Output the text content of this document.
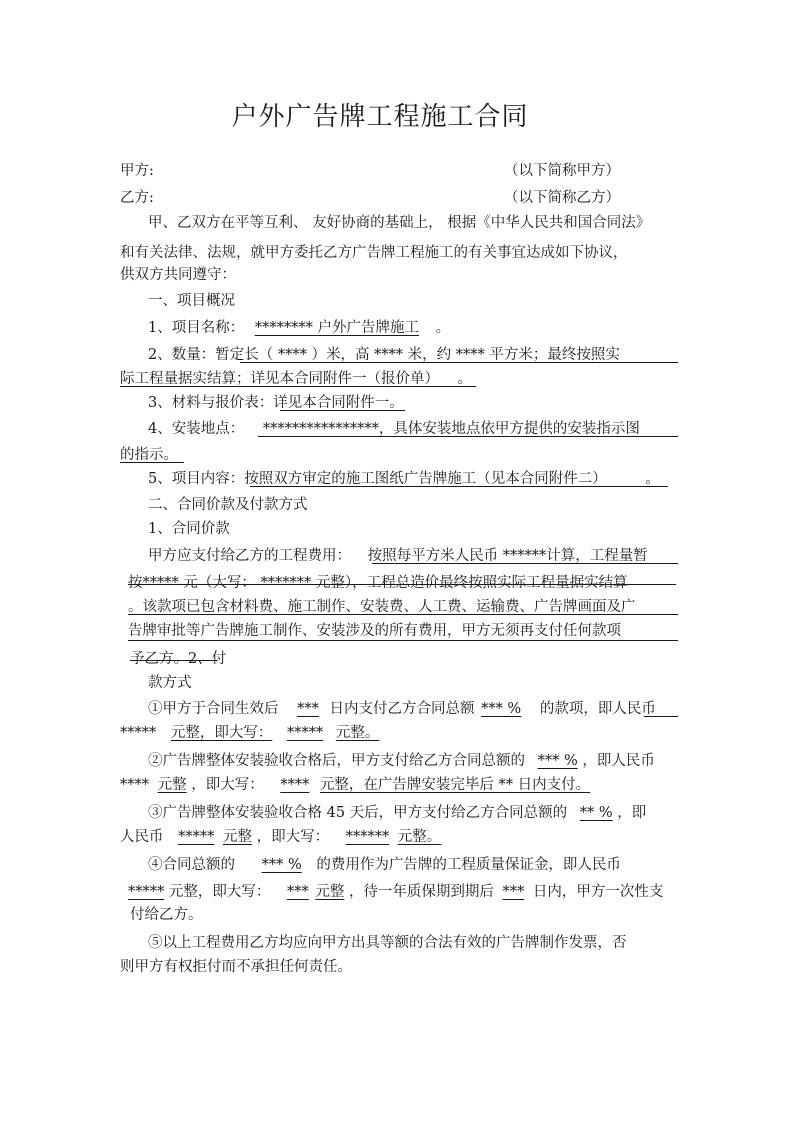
户外广告牌工程施工合同
甲方:	（以下简称甲方）
乙方:	（以下简称乙方）
甲、乙双方在平等互利、 友好协商的基础上， 根据《中华人民共和国合同法》
和有关法律、法规，就甲方委托乙方广告牌工程施工的有关事宜达成如下协议，
供双方共同遵守：
一、项目概况
1、项目名称： ******** 户外广告牌施工 。
2、数量：暂定长（ **** ）米，高 **** 米，约 **** 平方米；最终按照实
际工程量据实结算；详见本合同附件一（报价单） 。
3、材料与报价表：详见本合同附件一。
4、安装地点： ****************，具体安装地点依甲方提供的安装指示图
的指示。
5、项目内容：按照双方审定的施工图纸广告牌施工（见本合同附件二）	。
二、合同价款及付款方式
1、合同价款
甲方应支付给乙方的工程费用： 按照每平方米人民币 ******计算，工程量暂
按***** 元（大写： ******* 元整），工程总造价最终按照实际工程量据实结算
。该款项已包含材料费、施工制作、安装费、人工费、运输费、广告牌画面及广
告牌审批等广告牌施工制作、安装涉及的所有费用，甲方无须再支付任何款项
予乙方。2、付
款方式
①甲方于合同生效后 *** 日内支付乙方合同总额 *** % 的款项，即人民币
***** 元整，即大写： ***** 元整。
②广告牌整体安装验收合格后，甲方支付给乙方合同总额的 *** % ，即人民币
**** 元整 ，即大写： **** 元整，在广告牌安装完毕后 ** 日内支付。
③广告牌整体安装验收合格 45 天后，甲方支付给乙方合同总额的 ** % ，即
人民币 ***** 元整 ，即大写： ****** 元整。
④合同总额的 *** % 的费用作为广告牌的工程质量保证金，即人民币
***** 元整，即大写： *** 元整 ，待一年质保期到期后 *** 日内，甲方一次性支
付给乙方。
⑤以上工程费用乙方均应向甲方出具等额的合法有效的广告牌制作发票，否
则甲方有权拒付而不承担任何责任。
